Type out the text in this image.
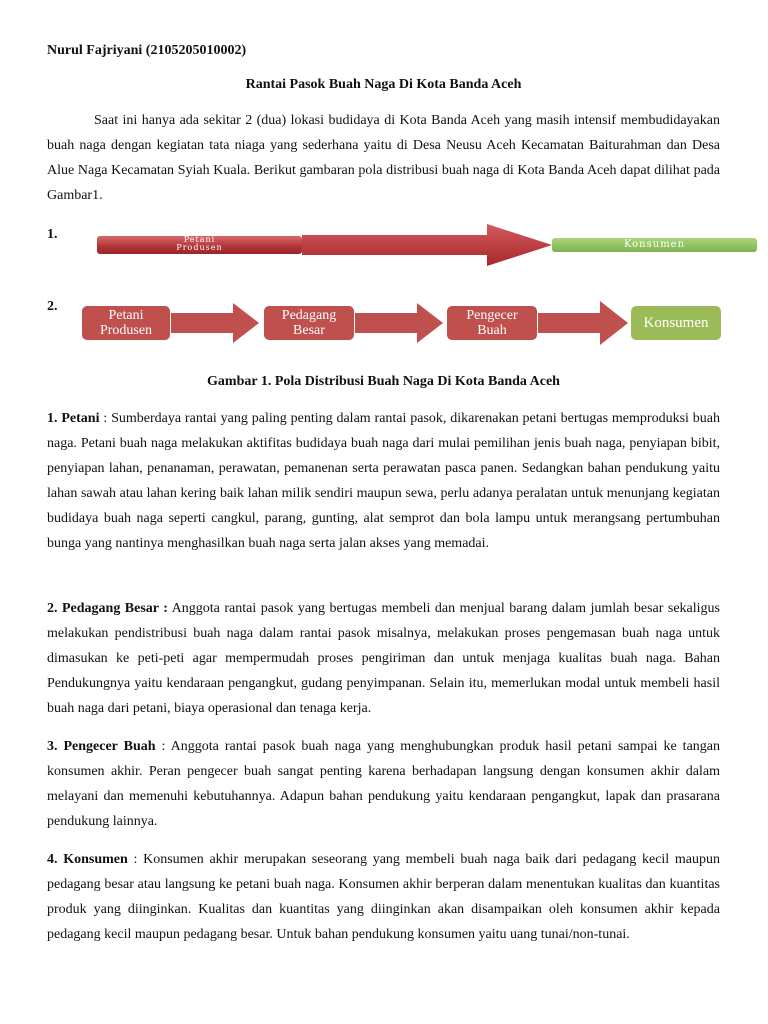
Nurul Fajriyani (2105205010002)
Rantai Pasok Buah Naga Di Kota Banda Aceh

Saat ini hanya ada sekitar 2 (dua) lokasi budidaya di Kota Banda Aceh yang masih intensif membudidayakan buah naga dengan kegiatan tata niaga yang sederhana yaitu di Desa Neusu Aceh Kecamatan Baiturahman dan Desa Alue Naga Kecamatan Syiah Kuala. Berikut gambaran pola distribusi buah naga di Kota Banda Aceh dapat dilihat pada Gambar1.

1.	Petani
Produsen	Konsumen
2.
Petani
Produsen
Pedagang
Besar
Pengecer
Buah	Konsumen
Gambar 1. Pola Distribusi Buah Naga Di Kota Banda Aceh

1. Petani : Sumberdaya rantai yang paling penting dalam rantai pasok, dikarenakan petani bertugas memproduksi buah naga. Petani buah naga melakukan aktifitas budidaya buah naga dari mulai pemilihan jenis buah naga, penyiapan bibit, penyiapan lahan, penanaman, perawatan, pemanenan serta perawatan pasca panen. Sedangkan bahan pendukung yaitu lahan sawah atau lahan kering baik lahan milik sendiri maupun sewa, perlu adanya peralatan untuk menunjang kegiatan budidaya buah naga seperti cangkul, parang, gunting, alat semprot dan bola lampu untuk merangsang pertumbuhan bunga yang nantinya menghasilkan buah naga serta jalan akses yang memadai.

2. Pedagang Besar : Anggota rantai pasok yang bertugas membeli dan menjual barang dalam jumlah besar sekaligus melakukan pendistribusi buah naga dalam rantai pasok misalnya, melakukan proses pengemasan buah naga untuk dimasukan ke peti-peti agar mempermudah proses pengiriman dan untuk menjaga kualitas buah naga. Bahan Pendukungnya yaitu kendaraan pengangkut, gudang penyimpanan. Selain itu, memerlukan modal untuk membeli hasil buah naga dari petani, biaya operasional dan tenaga kerja.

3. Pengecer Buah : Anggota rantai pasok buah naga yang menghubungkan produk hasil petani sampai ke tangan konsumen akhir. Peran pengecer buah sangat penting karena berhadapan langsung dengan konsumen akhir dalam melayani dan memenuhi kebutuhannya. Adapun bahan pendukung yaitu kendaraan pengangkut, lapak dan prasarana pendukung lainnya.

4. Konsumen : Konsumen akhir merupakan seseorang yang membeli buah naga baik dari pedagang kecil maupun pedagang besar atau langsung ke petani buah naga. Konsumen akhir berperan dalam menentukan kualitas dan kuantitas produk yang diinginkan. Kualitas dan kuantitas yang diinginkan akan disampaikan oleh konsumen akhir kepada pedagang kecil maupun pedagang besar. Untuk bahan pendukung konsumen yaitu uang tunai/non-tunai.
